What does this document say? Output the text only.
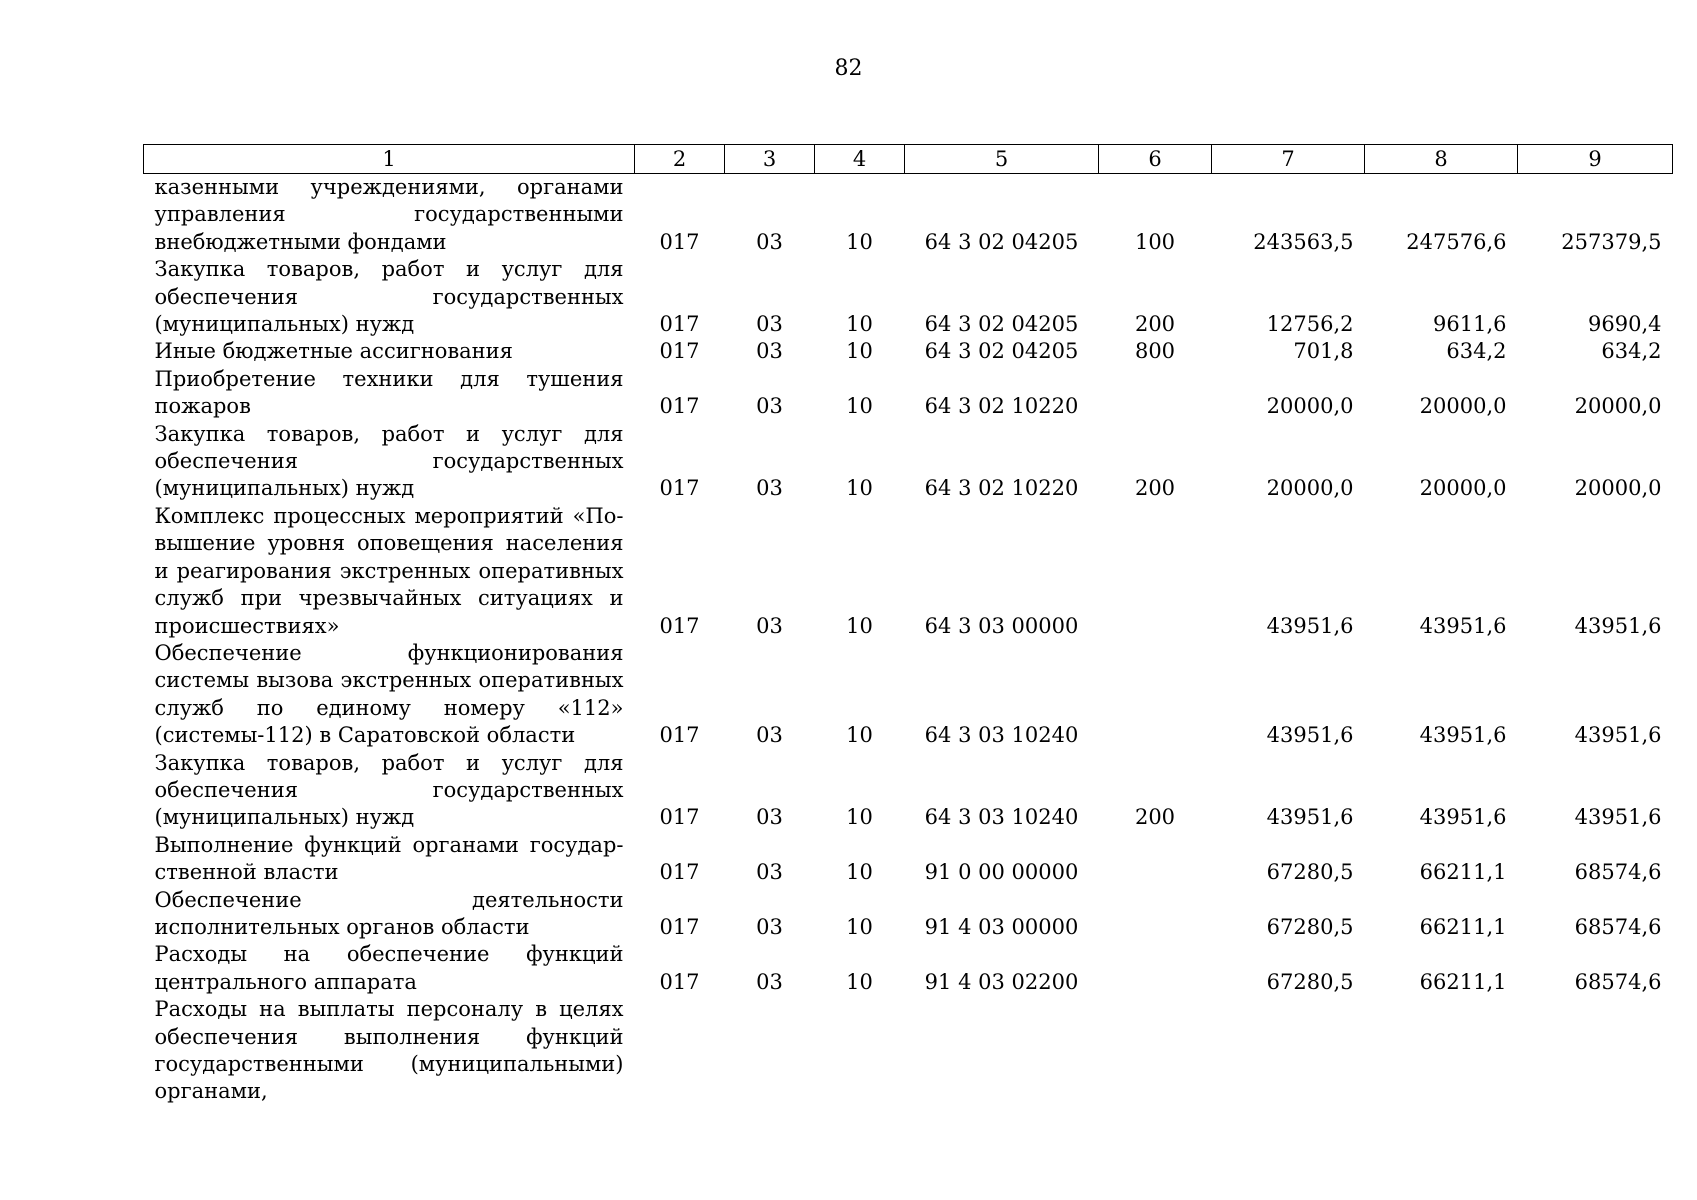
82
1	2	3	4	5	6	7	8	9
казенными учреждениями, органами управления государственными внебюджетными фондами	017	03	10	64 3 02 04205	100	243563,5	247576,6	257379,5
Закупка товаров, работ и услуг для обеспечения государственных (муниципальных) нужд	017	03	10	64 3 02 04205	200	12756,2	9611,6	9690,4
Иные бюджетные ассигнования	017	03	10	64 3 02 04205	800	701,8	634,2	634,2
Приобретение техники для тушения пожаров	017	03	10	64 3 02 10220		20000,0	20000,0	20000,0
Закупка товаров, работ и услуг для обеспечения государственных (муниципальных) нужд	017	03	10	64 3 02 10220	200	20000,0	20000,0	20000,0
Комплекс процессных мероприятий «Повышение уровня оповещения населения и реагирования экстренных оперативных служб при чрезвычайных ситуациях и происшествиях»	017	03	10	64 3 03 00000		43951,6	43951,6	43951,6
Обеспечение функционирования системы вызова экстренных оперативных служб по единому номеру «112» (системы-112) в Саратовской области	017	03	10	64 3 03 10240		43951,6	43951,6	43951,6
Закупка товаров, работ и услуг для обеспечения государственных (муниципальных) нужд	017	03	10	64 3 03 10240	200	43951,6	43951,6	43951,6
Выполнение функций органами государственной власти	017	03	10	91 0 00 00000		67280,5	66211,1	68574,6
Обеспечение деятельности исполнительных органов области	017	03	10	91 4 03 00000		67280,5	66211,1	68574,6
Расходы на обеспечение функций центрального аппарата	017	03	10	91 4 03 02200		67280,5	66211,1	68574,6
Расходы на выплаты персоналу в целях обеспечения выполнения функций государственными (муниципальными) органами,								
